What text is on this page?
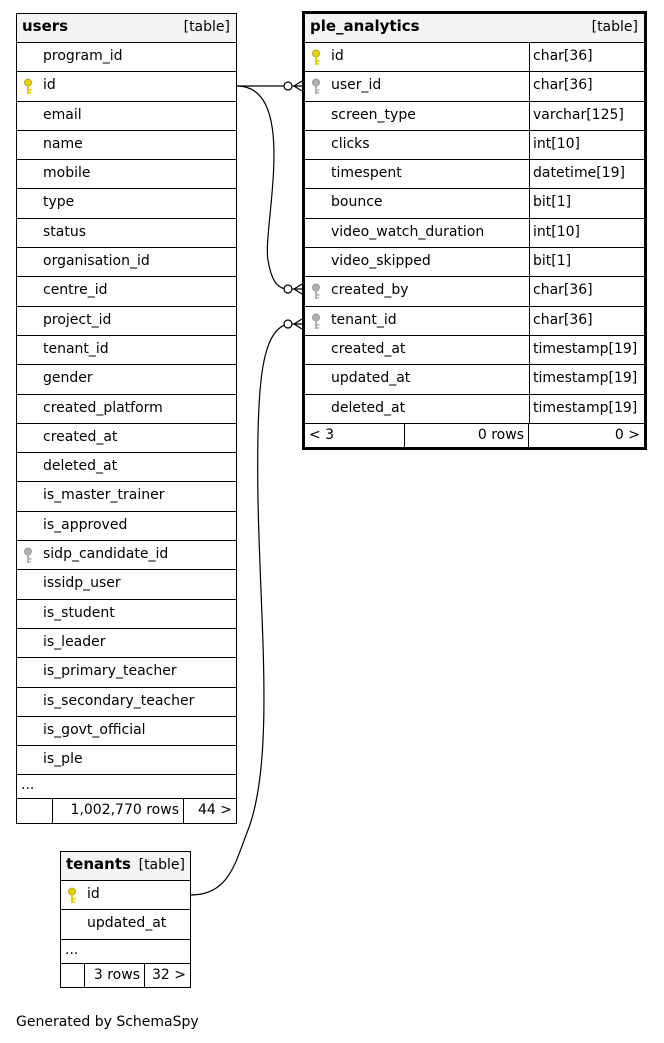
users	[table]
program_id
id
email
name
mobile
type
status
organisation_id
centre_id
project_id
tenant_id
gender
created_platform
created_at
deleted_at
is_master_trainer
is_approved
sidp_candidate_id
issidp_user
is_student
is_leader
is_primary_teacher
is_secondary_teacher
is_govt_official
is_ple
...
1,002,770 rows	44 >
ple_analytics	[table]
id	char[36]
user_id	char[36]
screen_type	varchar[125]
clicks	int[10]
timespent	datetime[19]
bounce	bit[1]
video_watch_duration	int[10]
video_skipped	bit[1]
created_by	char[36]
tenant_id	char[36]
created_at	timestamp[19]
updated_at	timestamp[19]
deleted_at	timestamp[19]
< 3	0 rows	0 >
tenants [table]
id
updated_at
...
3 rows 32 >
Generated by SchemaSpy
